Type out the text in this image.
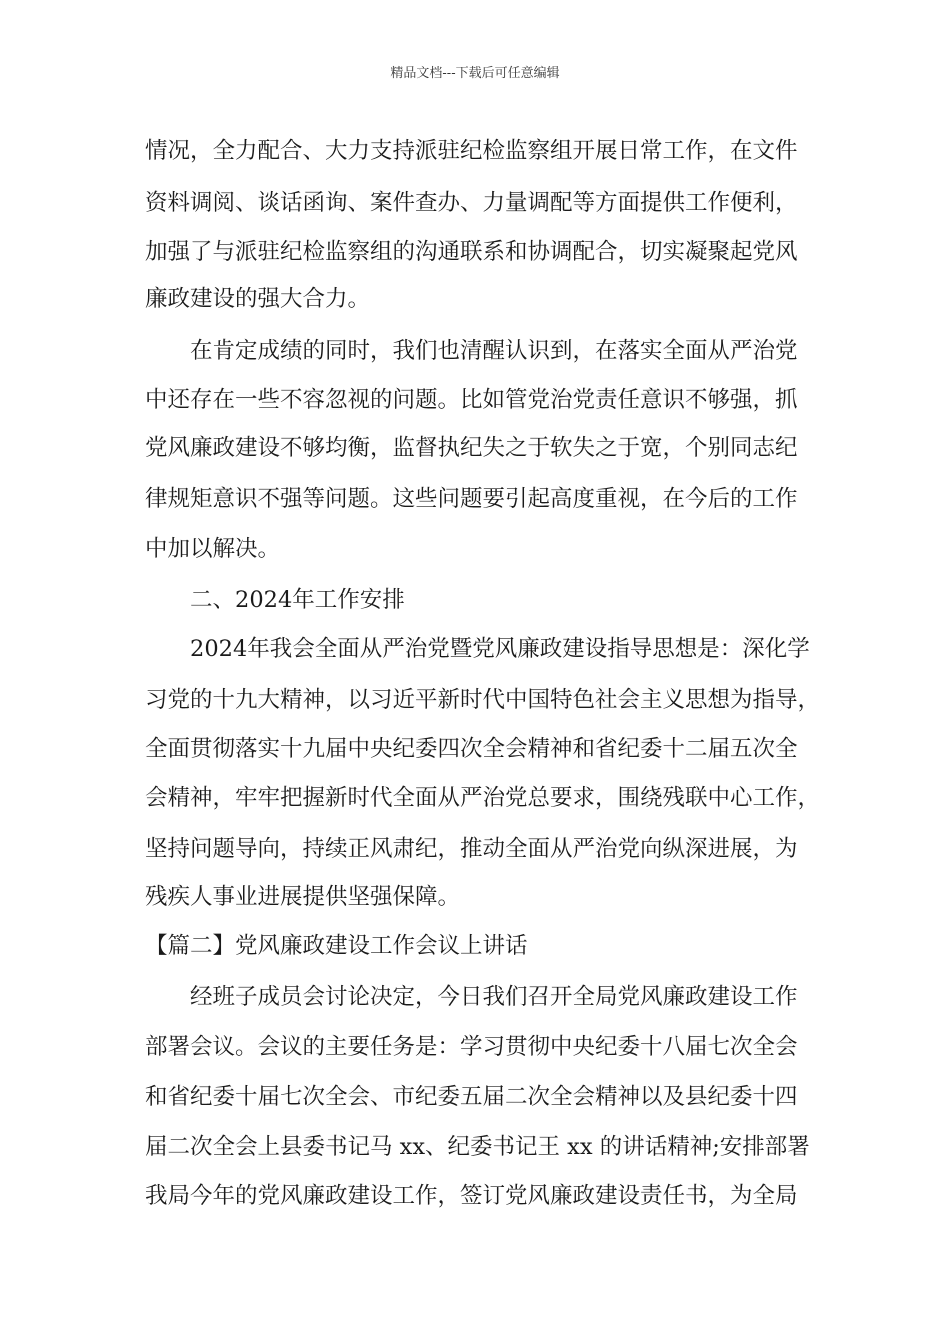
精品文档---下载后可任意编辑
情况，全力配合、大力支持派驻纪检监察组开展日常工作，在文件
资料调阅、谈话函询、案件查办、力量调配等方面提供工作便利，
加强了与派驻纪检监察组的沟通联系和协调配合，切实凝聚起党风
廉政建设的强大合力。
在肯定成绩的同时，我们也清醒认识到，在落实全面从严治党
中还存在一些不容忽视的问题。比如管党治党责任意识不够强，抓
党风廉政建设不够均衡，监督执纪失之于软失之于宽，个别同志纪
律规矩意识不强等问题。这些问题要引起高度重视，在今后的工作
中加以解决。
二、2024年工作安排
2024年我会全面从严治党暨党风廉政建设指导思想是：深化学
习党的十九大精神，以习近平新时代中国特色社会主义思想为指导，
全面贯彻落实十九届中央纪委四次全会精神和省纪委十二届五次全
会精神，牢牢把握新时代全面从严治党总要求，围绕残联中心工作，
坚持问题导向，持续正风肃纪，推动全面从严治党向纵深进展，为
残疾人事业进展提供坚强保障。
【篇二】党风廉政建设工作会议上讲话
经班子成员会讨论决定，今日我们召开全局党风廉政建设工作
部署会议。会议的主要任务是：学习贯彻中央纪委十八届七次全会
和省纪委十届七次全会、市纪委五届二次全会精神以及县纪委十四
届二次全会上县委书记马 xx、纪委书记王 xx 的讲话精神;安排部署
我局今年的党风廉政建设工作，签订党风廉政建设责任书，为全局
